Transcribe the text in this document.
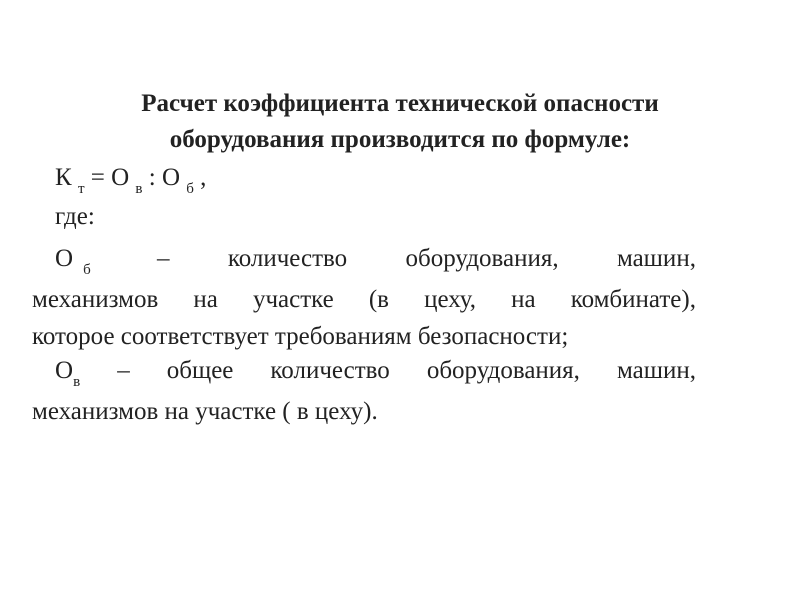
Расчет коэффициента технической опасности
оборудования производится по формуле:
К $_т$ = О $_в$ : О $_б$ ,
где:
О $_б$	– количество оборудования, машин,
механизмов на участке (в цеху, на комбинате),
которое соответствует требованиям безопасности;
$О_в$ – общее количество оборудования, машин,
механизмов на участке ( в цеху).
